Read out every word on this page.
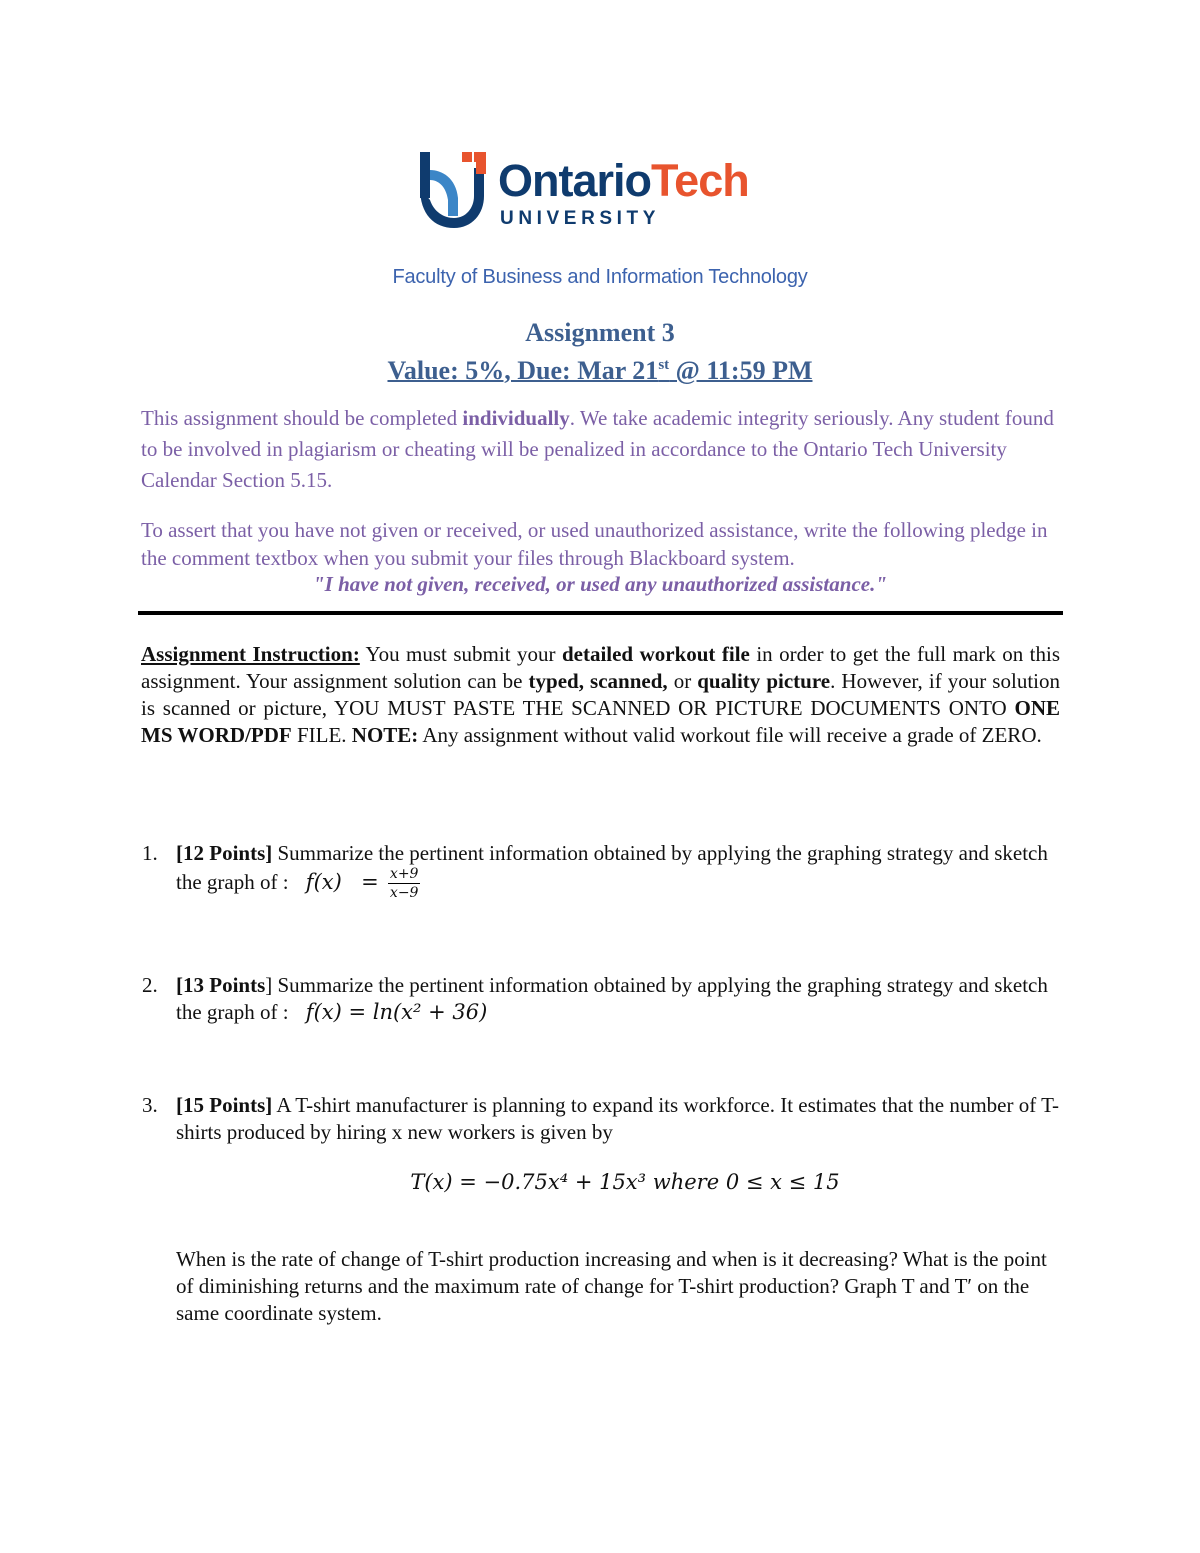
OntarioTech
UNIVERSITY
Faculty of Business and Information Technology
Assignment 3
Value: 5%, Due: Mar 21st @ 11:59 PM
This assignment should be completed individually. We take academic integrity seriously. Any student found to be involved in plagiarism or cheating will be penalized in accordance to the Ontario Tech University Calendar Section 5.15.
To assert that you have not given or received, or used unauthorized assistance, write the following pledge in the comment textbox when you submit your files through Blackboard system.
"I have not given, received, or used any unauthorized assistance."
Assignment Instruction: You must submit your detailed workout file in order to get the full mark on this assignment. Your assignment solution can be typed, scanned, or quality picture. However, if your solution is scanned or picture, YOU MUST PASTE THE SCANNED OR PICTURE DOCUMENTS ONTO ONE MS WORD/PDF FILE. NOTE: Any assignment without valid workout file will receive a grade of ZERO.
1. [12 Points] Summarize the pertinent information obtained by applying the graphing strategy and sketch the graph of : $f(x) = \frac{x+9}{x-9}$
2. [13 Points] Summarize the pertinent information obtained by applying the graphing strategy and sketch the graph of : f(x) = ln(x² + 36)
3. [15 Points] A T-shirt manufacturer is planning to expand its workforce. It estimates that the number of T-shirts produced by hiring x new workers is given by
T(x) = −0.75x⁴ + 15x³ where 0 ≤ x ≤ 15
When is the rate of change of T-shirt production increasing and when is it decreasing? What is the point of diminishing returns and the maximum rate of change for T-shirt production? Graph T and T′ on the same coordinate system.
